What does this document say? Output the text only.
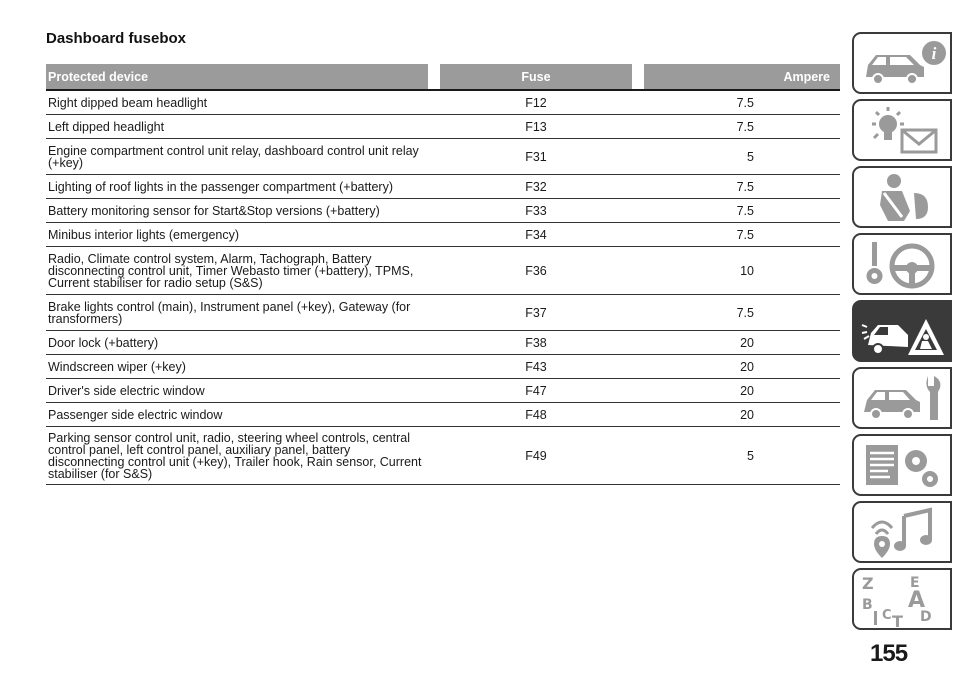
Dashboard fusebox
Protected device		Fuse		Ampere
Right dipped beam headlight		F12		7.5
Left dipped headlight		F13		7.5
Engine compartment control unit relay, dashboard control unit relay (+key)		F31		5
Lighting of roof lights in the passenger compartment (+battery)		F32		7.5
Battery monitoring sensor for Start&Stop versions (+battery)		F33		7.5
Minibus interior lights (emergency)		F34		7.5
Radio, Climate control system, Alarm, Tachograph, Battery disconnecting control unit, Timer Webasto timer (+battery), TPMS, Current stabiliser for radio setup (S&S)		F36		10
Brake lights control (main), Instrument panel (+key), Gateway (for transformers)		F37		7.5
Door lock (+battery)		F38		20
Windscreen wiper (+key)		F43		20
Driver's side electric window		F47		20
Passenger side electric window		F48		20
Parking sensor control unit, radio, steering wheel controls, central control panel, left control panel, auxiliary panel, battery disconnecting control unit (+key), Trailer hook, Rain sensor, Current stabiliser (for S&S)		F49		5
i
Z	E
A
B
C T D
155
